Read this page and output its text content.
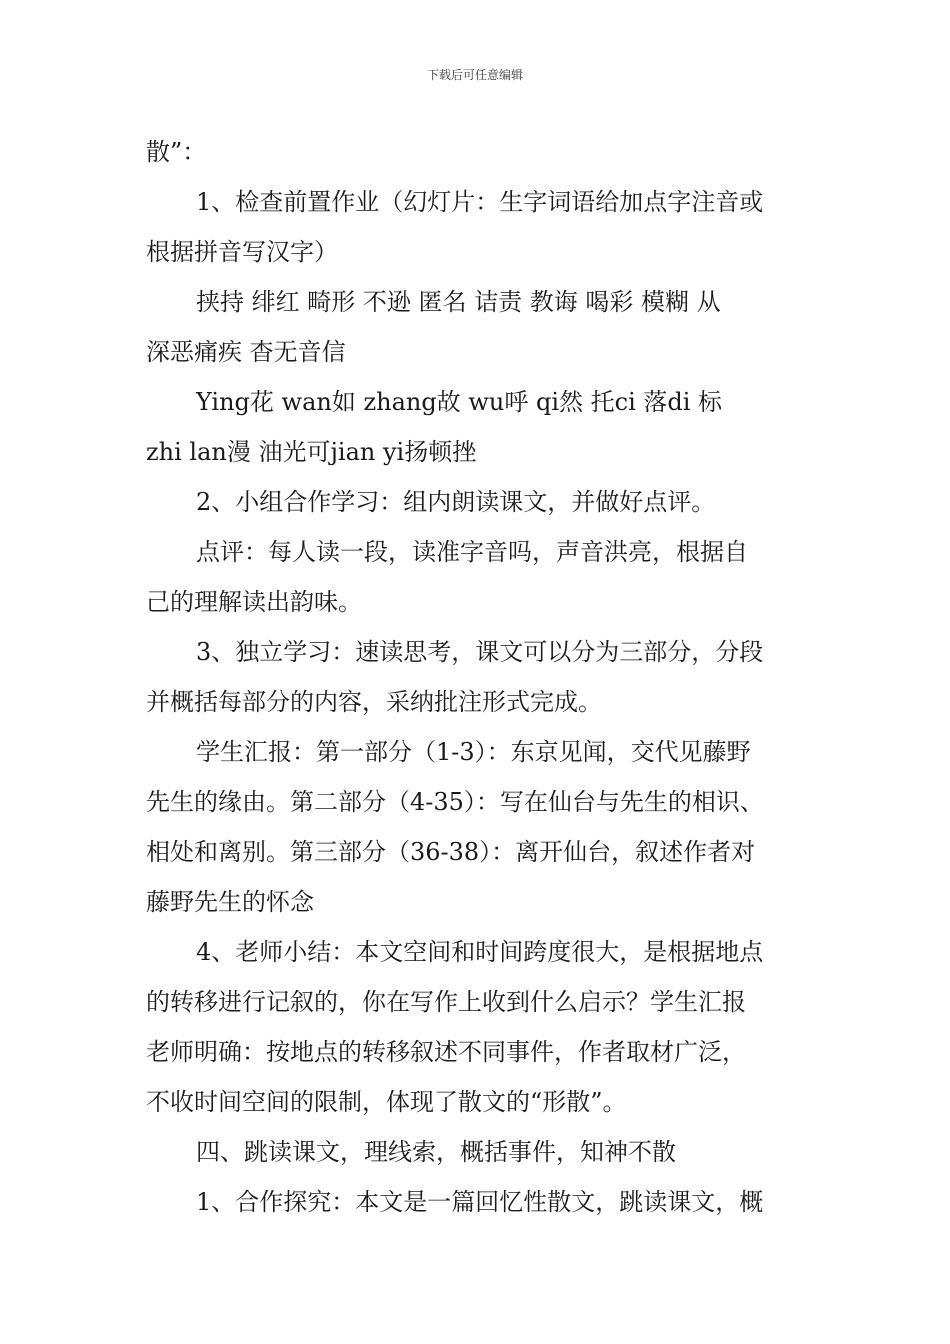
下载后可任意编辑
散”：
1、检查前置作业（幻灯片：生字词语给加点字注音或
根据拼音写汉字）
挟持 绯红 畸形 不逊 匿名 诘责 教诲 喝彩 模糊 从
深恶痛疾 杳无音信
Ying花 wan如 zhang故 wu呼 qi然 托ci 落di 标
zhi lan漫 油光可jian yi扬顿挫
2、小组合作学习：组内朗读课文，并做好点评。
点评：每人读一段，读准字音吗，声音洪亮，根据自
己的理解读出韵味。
3、独立学习：速读思考，课文可以分为三部分，分段
并概括每部分的内容，采纳批注形式完成。
学生汇报：第一部分（1-3）：东京见闻，交代见藤野
先生的缘由。第二部分（4-35）：写在仙台与先生的相识、
相处和离别。第三部分（36-38）：离开仙台，叙述作者对
藤野先生的怀念
4、老师小结：本文空间和时间跨度很大，是根据地点
的转移进行记叙的，你在写作上收到什么启示？学生汇报
老师明确：按地点的转移叙述不同事件，作者取材广泛，
不收时间空间的限制，体现了散文的“形散”。
四、跳读课文，理线索，概括事件，知神不散
1、合作探究：本文是一篇回忆性散文，跳读课文，概
